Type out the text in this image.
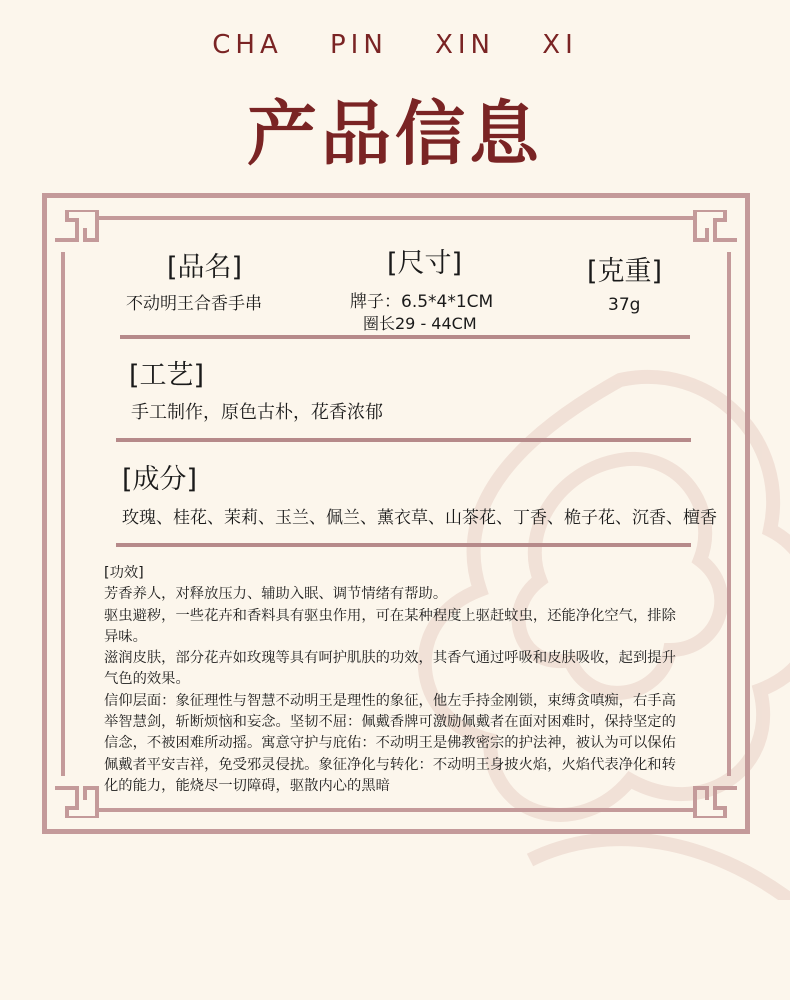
CHA PIN XIN XI
产品信息
[品名]
不动明王合香手串
[尺寸]
牌子：6.5*4*1CM
圈长29 - 44CM
[克重]
37g
[工艺]
手工制作，原色古朴，花香浓郁
[成分]
玫瑰、桂花、茉莉、玉兰、佩兰、薰衣草、山茶花、丁香、桅子花、沉香、檀香

[功效]

芳香养人，对释放压力、辅助入眠、调节情绪有帮助。

驱虫避秽，一些花卉和香料具有驱虫作用，可在某种程度上驱赶蚊虫，还能净化空气，排除异味。

滋润皮肤，部分花卉如玫瑰等具有呵护肌肤的功效，其香气通过呼吸和皮肤吸收，起到提升气色的效果。

信仰层面：象征理性与智慧不动明王是理性的象征，他左手持金刚锁，束缚贪嗔痴，右手高举智慧剑，斩断烦恼和妄念。坚韧不屈：佩戴香牌可激励佩戴者在面对困难时，保持坚定的信念，不被困难所动摇。寓意守护与庇佑：不动明王是佛教密宗的护法神，被认为可以保佑佩戴者平安吉祥，免受邪灵侵扰。象征净化与转化：不动明王身披火焰，火焰代表净化和转化的能力，能烧尽一切障碍，驱散内心的黑暗
